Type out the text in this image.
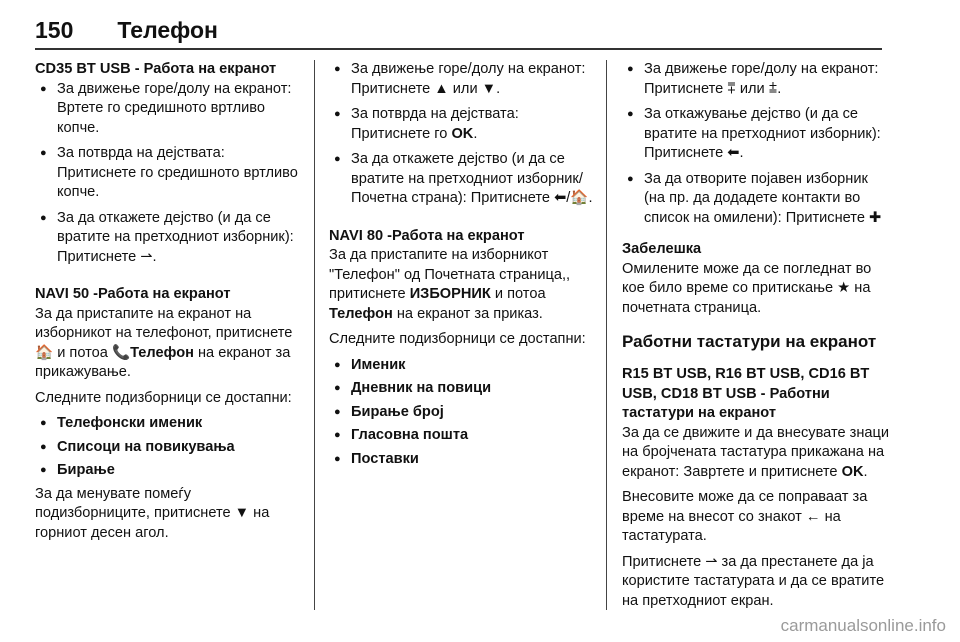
150 Телефон
CD35 BT USB - Работа на екранот
● За движење горе/долу на екранот: Вртете го средишното вртливо копче.
● За потврда на дејствата: Притиснете го средишното вртливо копче.
● За да откажете дејство (и да се вратите на претходниот изборник): Притиснете ⇀.
NAVI 50 -Работа на екранот
За да пристапите на екранот на изборникот на телефонот, притиснете 🏠 и потоа 📞Телефон на екранот за прикажување.
Следните подизборници се достапни:
● Телефонски именик
● Списоци на повикувања
● Бирање
За да менувате помеѓу подизборниците, притиснете ▼ на горниот десен агол.
● За движење горе/долу на екранот: Притиснете ▲ или ▼.
● За потврда на дејствата: Притиснете го OK.
● За да откажете дејство (и да се вратите на претходниот изборник/Почетна страна): Притиснете ⬅/🏠.
NAVI 80 -Работа на екранот
За да пристапите на изборникот "Телефон" од Почетната страница,, притиснете ИЗБОРНИК и потоа Телефон на екранот за приказ.
Следните подизборници се достапни:
● Именик
● Дневник на повици
● Бирање број
● Гласовна пошта
● Поставки
● За движење горе/долу на екранот: Притиснете ⩱ или ⩲.
● За откажување дејство (и да се вратите на претходниот изборник): Притиснете ⬅.
● За да отворите појавен изборник (на пр. да додадете контакти во список на омилени): Притиснете ✚
Забелешка
Омилените може да се погледнат во кое било време со притискање ★ на почетната страница.
Работни тастатури на екранот
R15 BT USB, R16 BT USB, CD16 BT USB, CD18 BT USB - Работни тастатури на екранот
За да се движите и да внесувате знаци на бројчената тастатура прикажана на екранот: Завртете и притиснете OK.
Внесовите може да се поправаат за време на внесот со знакот ← на тастатурата.
Притиснете ⇀ за да престанете да ја користите тастатурата и да се вратите на претходниот екран.
carmanualsonline.info
